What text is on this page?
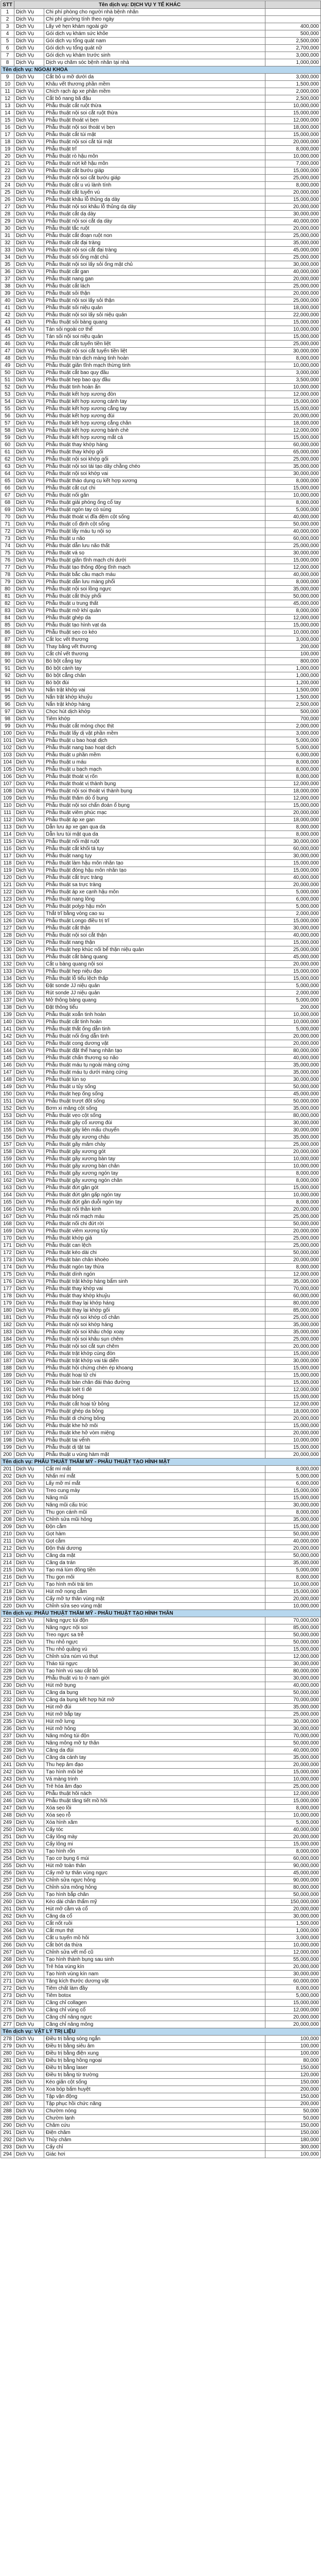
STT	Tên dịch vụ: DỊCH VỤ Y TẾ KHÁC		
1	Dịch Vụ	Chi phí phòng cho người nhà bệnh nhân	
2	Dịch Vụ	Chi phí giường tính theo ngày	
3	Dịch Vụ	Lấy vé hẹn khám ngoài giờ	400,000
4	Dịch Vụ	Gói dịch vụ khám sức khỏe	500,000
5	Dịch Vụ	Gói dịch vụ tổng quát nam	2,500,000
6	Dịch Vụ	Gói dịch vụ tổng quát nữ	2,700,000
7	Dịch Vụ	Gói dịch vụ khám trước sinh	3,000,000
8	Dịch Vụ	Dịch vụ chăm sóc bệnh nhân tại nhà	1,000,000
Tên dịch vụ: NGOẠI KHOA			
9	Dịch Vụ	Cắt bỏ u mỡ dưới da	3,000,000
10	Dịch Vụ	Khâu vết thương phần mềm	1,500,000
11	Dịch Vụ	Chích rạch áp xe phần mềm	2,000,000
12	Dịch Vụ	Cắt bỏ nang bã đậu	2,500,000
13	Dịch Vụ	Phẫu thuật cắt ruột thừa	10,000,000
14	Dịch Vụ	Phẫu thuật nội soi cắt ruột thừa	15,000,000
15	Dịch Vụ	Phẫu thuật thoát vị bẹn	12,000,000
16	Dịch Vụ	Phẫu thuật nội soi thoát vị bẹn	18,000,000
17	Dịch Vụ	Phẫu thuật cắt túi mật	15,000,000
18	Dịch Vụ	Phẫu thuật nội soi cắt túi mật	20,000,000
19	Dịch Vụ	Phẫu thuật trĩ	8,000,000
20	Dịch Vụ	Phẫu thuật rò hậu môn	10,000,000
21	Dịch Vụ	Phẫu thuật nứt kẽ hậu môn	7,000,000
22	Dịch Vụ	Phẫu thuật cắt bướu giáp	15,000,000
23	Dịch Vụ	Phẫu thuật nội soi cắt bướu giáp	25,000,000
24	Dịch Vụ	Phẫu thuật cắt u vú lành tính	8,000,000
25	Dịch Vụ	Phẫu thuật cắt tuyến vú	20,000,000
26	Dịch Vụ	Phẫu thuật khâu lỗ thủng dạ dày	15,000,000
27	Dịch Vụ	Phẫu thuật nội soi khâu lỗ thủng dạ dày	20,000,000
28	Dịch Vụ	Phẫu thuật cắt dạ dày	30,000,000
29	Dịch Vụ	Phẫu thuật nội soi cắt dạ dày	40,000,000
30	Dịch Vụ	Phẫu thuật tắc ruột	20,000,000
31	Dịch Vụ	Phẫu thuật cắt đoạn ruột non	25,000,000
32	Dịch Vụ	Phẫu thuật cắt đại tràng	35,000,000
33	Dịch Vụ	Phẫu thuật nội soi cắt đại tràng	45,000,000
34	Dịch Vụ	Phẫu thuật sỏi ống mật chủ	25,000,000
35	Dịch Vụ	Phẫu thuật nội soi lấy sỏi ống mật chủ	30,000,000
36	Dịch Vụ	Phẫu thuật cắt gan	40,000,000
37	Dịch Vụ	Phẫu thuật nang gan	20,000,000
38	Dịch Vụ	Phẫu thuật cắt lách	25,000,000
39	Dịch Vụ	Phẫu thuật sỏi thận	20,000,000
40	Dịch Vụ	Phẫu thuật nội soi lấy sỏi thận	25,000,000
41	Dịch Vụ	Phẫu thuật sỏi niệu quản	18,000,000
42	Dịch Vụ	Phẫu thuật nội soi lấy sỏi niệu quản	22,000,000
43	Dịch Vụ	Phẫu thuật sỏi bàng quang	15,000,000
44	Dịch Vụ	Tán sỏi ngoài cơ thể	10,000,000
45	Dịch Vụ	Tán sỏi nội soi niệu quản	15,000,000
46	Dịch Vụ	Phẫu thuật cắt tuyến tiền liệt	25,000,000
47	Dịch Vụ	Phẫu thuật nội soi cắt tuyến tiền liệt	30,000,000
48	Dịch Vụ	Phẫu thuật tràn dịch màng tinh hoàn	8,000,000
49	Dịch Vụ	Phẫu thuật giãn tĩnh mạch thừng tinh	10,000,000
50	Dịch Vụ	Phẫu thuật cắt bao quy đầu	3,000,000
51	Dịch Vụ	Phẫu thuật hẹp bao quy đầu	3,500,000
52	Dịch Vụ	Phẫu thuật tinh hoàn ẩn	10,000,000
53	Dịch Vụ	Phẫu thuật kết hợp xương đòn	12,000,000
54	Dịch Vụ	Phẫu thuật kết hợp xương cánh tay	15,000,000
55	Dịch Vụ	Phẫu thuật kết hợp xương cẳng tay	15,000,000
56	Dịch Vụ	Phẫu thuật kết hợp xương đùi	20,000,000
57	Dịch Vụ	Phẫu thuật kết hợp xương cẳng chân	18,000,000
58	Dịch Vụ	Phẫu thuật kết hợp xương bánh chè	12,000,000
59	Dịch Vụ	Phẫu thuật kết hợp xương mắt cá	15,000,000
60	Dịch Vụ	Phẫu thuật thay khớp háng	60,000,000
61	Dịch Vụ	Phẫu thuật thay khớp gối	65,000,000
62	Dịch Vụ	Phẫu thuật nội soi khớp gối	25,000,000
63	Dịch Vụ	Phẫu thuật nội soi tái tạo dây chằng chéo	35,000,000
64	Dịch Vụ	Phẫu thuật nội soi khớp vai	30,000,000
65	Dịch Vụ	Phẫu thuật tháo dụng cụ kết hợp xương	8,000,000
66	Dịch Vụ	Phẫu thuật cắt cụt chi	15,000,000
67	Dịch Vụ	Phẫu thuật nối gân	10,000,000
68	Dịch Vụ	Phẫu thuật giải phóng ống cổ tay	8,000,000
69	Dịch Vụ	Phẫu thuật ngón tay cò súng	5,000,000
70	Dịch Vụ	Phẫu thuật thoát vị đĩa đệm cột sống	40,000,000
71	Dịch Vụ	Phẫu thuật cố định cột sống	50,000,000
72	Dịch Vụ	Phẫu thuật lấy máu tụ nội sọ	40,000,000
73	Dịch Vụ	Phẫu thuật u não	60,000,000
74	Dịch Vụ	Phẫu thuật dẫn lưu não thất	25,000,000
75	Dịch Vụ	Phẫu thuật vá sọ	30,000,000
76	Dịch Vụ	Phẫu thuật giãn tĩnh mạch chi dưới	15,000,000
77	Dịch Vụ	Phẫu thuật tạo thông động tĩnh mạch	12,000,000
78	Dịch Vụ	Phẫu thuật bắc cầu mạch máu	40,000,000
79	Dịch Vụ	Phẫu thuật dẫn lưu màng phổi	8,000,000
80	Dịch Vụ	Phẫu thuật nội soi lồng ngực	35,000,000
81	Dịch Vụ	Phẫu thuật cắt thùy phổi	50,000,000
82	Dịch Vụ	Phẫu thuật u trung thất	45,000,000
83	Dịch Vụ	Phẫu thuật mở khí quản	8,000,000
84	Dịch Vụ	Phẫu thuật ghép da	12,000,000
85	Dịch Vụ	Phẫu thuật tạo hình vạt da	15,000,000
86	Dịch Vụ	Phẫu thuật sẹo co kéo	10,000,000
87	Dịch Vụ	Cắt lọc vết thương	3,000,000
88	Dịch Vụ	Thay băng vết thương	200,000
89	Dịch Vụ	Cắt chỉ vết thương	100,000
90	Dịch Vụ	Bó bột cẳng tay	800,000
91	Dịch Vụ	Bó bột cánh tay	1,000,000
92	Dịch Vụ	Bó bột cẳng chân	1,000,000
93	Dịch Vụ	Bó bột đùi	1,200,000
94	Dịch Vụ	Nắn trật khớp vai	1,500,000
95	Dịch Vụ	Nắn trật khớp khuỷu	1,500,000
96	Dịch Vụ	Nắn trật khớp háng	2,500,000
97	Dịch Vụ	Chọc hút dịch khớp	500,000
98	Dịch Vụ	Tiêm khớp	700,000
99	Dịch Vụ	Phẫu thuật cắt móng chọc thịt	2,000,000
100	Dịch Vụ	Phẫu thuật lấy dị vật phần mềm	3,000,000
101	Dịch Vụ	Phẫu thuật u bao hoạt dịch	5,000,000
102	Dịch Vụ	Phẫu thuật nang bao hoạt dịch	5,000,000
103	Dịch Vụ	Phẫu thuật u phần mềm	6,000,000
104	Dịch Vụ	Phẫu thuật u máu	8,000,000
105	Dịch Vụ	Phẫu thuật u bạch mạch	8,000,000
106	Dịch Vụ	Phẫu thuật thoát vị rốn	8,000,000
107	Dịch Vụ	Phẫu thuật thoát vị thành bụng	12,000,000
108	Dịch Vụ	Phẫu thuật nội soi thoát vị thành bụng	18,000,000
109	Dịch Vụ	Phẫu thuật thăm dò ổ bụng	12,000,000
110	Dịch Vụ	Phẫu thuật nội soi chẩn đoán ổ bụng	15,000,000
111	Dịch Vụ	Phẫu thuật viêm phúc mạc	20,000,000
112	Dịch Vụ	Phẫu thuật áp xe gan	18,000,000
113	Dịch Vụ	Dẫn lưu áp xe gan qua da	8,000,000
114	Dịch Vụ	Dẫn lưu túi mật qua da	8,000,000
115	Dịch Vụ	Phẫu thuật nối mật ruột	30,000,000
116	Dịch Vụ	Phẫu thuật cắt khối tá tụy	60,000,000
117	Dịch Vụ	Phẫu thuật nang tụy	30,000,000
118	Dịch Vụ	Phẫu thuật làm hậu môn nhân tạo	15,000,000
119	Dịch Vụ	Phẫu thuật đóng hậu môn nhân tạo	15,000,000
120	Dịch Vụ	Phẫu thuật cắt trực tràng	40,000,000
121	Dịch Vụ	Phẫu thuật sa trực tràng	20,000,000
122	Dịch Vụ	Phẫu thuật áp xe cạnh hậu môn	5,000,000
123	Dịch Vụ	Phẫu thuật nang lông	6,000,000
124	Dịch Vụ	Phẫu thuật polyp hậu môn	5,000,000
125	Dịch Vụ	Thắt trĩ bằng vòng cao su	2,000,000
126	Dịch Vụ	Phẫu thuật Longo điều trị trĩ	15,000,000
127	Dịch Vụ	Phẫu thuật cắt thận	30,000,000
128	Dịch Vụ	Phẫu thuật nội soi cắt thận	40,000,000
129	Dịch Vụ	Phẫu thuật nang thận	15,000,000
130	Dịch Vụ	Phẫu thuật hẹp khúc nối bể thận niệu quản	25,000,000
131	Dịch Vụ	Phẫu thuật cắt bàng quang	45,000,000
132	Dịch Vụ	Cắt u bàng quang nội soi	20,000,000
133	Dịch Vụ	Phẫu thuật hẹp niệu đạo	15,000,000
134	Dịch Vụ	Phẫu thuật lỗ tiểu lệch thấp	15,000,000
135	Dịch Vụ	Đặt sonde JJ niệu quản	5,000,000
136	Dịch Vụ	Rút sonde JJ niệu quản	2,000,000
137	Dịch Vụ	Mở thông bàng quang	5,000,000
138	Dịch Vụ	Đặt thông tiểu	200,000
139	Dịch Vụ	Phẫu thuật xoắn tinh hoàn	10,000,000
140	Dịch Vụ	Phẫu thuật cắt tinh hoàn	10,000,000
141	Dịch Vụ	Phẫu thuật thắt ống dẫn tinh	5,000,000
142	Dịch Vụ	Phẫu thuật nối ống dẫn tinh	20,000,000
143	Dịch Vụ	Phẫu thuật cong dương vật	20,000,000
144	Dịch Vụ	Phẫu thuật đặt thể hang nhân tạo	80,000,000
145	Dịch Vụ	Phẫu thuật chấn thương sọ não	40,000,000
146	Dịch Vụ	Phẫu thuật máu tụ ngoài màng cứng	35,000,000
147	Dịch Vụ	Phẫu thuật máu tụ dưới màng cứng	35,000,000
148	Dịch Vụ	Phẫu thuật lún sọ	30,000,000
149	Dịch Vụ	Phẫu thuật u tủy sống	50,000,000
150	Dịch Vụ	Phẫu thuật hẹp ống sống	45,000,000
151	Dịch Vụ	Phẫu thuật trượt đốt sống	50,000,000
152	Dịch Vụ	Bơm xi măng cột sống	35,000,000
153	Dịch Vụ	Phẫu thuật vẹo cột sống	80,000,000
154	Dịch Vụ	Phẫu thuật gãy cổ xương đùi	30,000,000
155	Dịch Vụ	Phẫu thuật gãy liên mấu chuyển	30,000,000
156	Dịch Vụ	Phẫu thuật gãy xương chậu	35,000,000
157	Dịch Vụ	Phẫu thuật gãy mâm chày	25,000,000
158	Dịch Vụ	Phẫu thuật gãy xương gót	20,000,000
159	Dịch Vụ	Phẫu thuật gãy xương bàn tay	10,000,000
160	Dịch Vụ	Phẫu thuật gãy xương bàn chân	10,000,000
161	Dịch Vụ	Phẫu thuật gãy xương ngón tay	8,000,000
162	Dịch Vụ	Phẫu thuật gãy xương ngón chân	8,000,000
163	Dịch Vụ	Phẫu thuật đứt gân gót	15,000,000
164	Dịch Vụ	Phẫu thuật đứt gân gấp ngón tay	10,000,000
165	Dịch Vụ	Phẫu thuật đứt gân duỗi ngón tay	8,000,000
166	Dịch Vụ	Phẫu thuật nối thần kinh	20,000,000
167	Dịch Vụ	Phẫu thuật nối mạch máu	25,000,000
168	Dịch Vụ	Phẫu thuật nối chi đứt rời	50,000,000
169	Dịch Vụ	Phẫu thuật viêm xương tủy	20,000,000
170	Dịch Vụ	Phẫu thuật khớp giả	25,000,000
171	Dịch Vụ	Phẫu thuật can lệch	25,000,000
172	Dịch Vụ	Phẫu thuật kéo dài chi	50,000,000
173	Dịch Vụ	Phẫu thuật bàn chân khoèo	20,000,000
174	Dịch Vụ	Phẫu thuật ngón tay thừa	8,000,000
175	Dịch Vụ	Phẫu thuật dính ngón	12,000,000
176	Dịch Vụ	Phẫu thuật trật khớp háng bẩm sinh	35,000,000
177	Dịch Vụ	Phẫu thuật thay khớp vai	70,000,000
178	Dịch Vụ	Phẫu thuật thay khớp khuỷu	60,000,000
179	Dịch Vụ	Phẫu thuật thay lại khớp háng	80,000,000
180	Dịch Vụ	Phẫu thuật thay lại khớp gối	85,000,000
181	Dịch Vụ	Phẫu thuật nội soi khớp cổ chân	25,000,000
182	Dịch Vụ	Phẫu thuật nội soi khớp háng	35,000,000
183	Dịch Vụ	Phẫu thuật nội soi khâu chóp xoay	35,000,000
184	Dịch Vụ	Phẫu thuật nội soi khâu sụn chêm	25,000,000
185	Dịch Vụ	Phẫu thuật nội soi cắt sụn chêm	20,000,000
186	Dịch Vụ	Phẫu thuật trật khớp cùng đòn	15,000,000
187	Dịch Vụ	Phẫu thuật trật khớp vai tái diễn	30,000,000
188	Dịch Vụ	Phẫu thuật hội chứng chèn ép khoang	15,000,000
189	Dịch Vụ	Phẫu thuật hoại tử chi	15,000,000
190	Dịch Vụ	Phẫu thuật bàn chân đái tháo đường	15,000,000
191	Dịch Vụ	Phẫu thuật loét tì đè	12,000,000
192	Dịch Vụ	Phẫu thuật bỏng	15,000,000
193	Dịch Vụ	Phẫu thuật cắt hoại tử bỏng	12,000,000
194	Dịch Vụ	Phẫu thuật ghép da bỏng	18,000,000
195	Dịch Vụ	Phẫu thuật di chứng bỏng	20,000,000
196	Dịch Vụ	Phẫu thuật khe hở môi	15,000,000
197	Dịch Vụ	Phẫu thuật khe hở vòm miệng	20,000,000
198	Dịch Vụ	Phẫu thuật tai vểnh	10,000,000
199	Dịch Vụ	Phẫu thuật dị tật tai	15,000,000
200	Dịch Vụ	Phẫu thuật u vùng hàm mặt	20,000,000
Tên dịch vụ: PHẪU THUẬT THẨM MỸ - PHẪU THUẬT TẠO HÌNH MẶT			
201	Dịch Vụ	Cắt mí mắt	8,000,000
202	Dịch Vụ	Nhấn mí mắt	5,000,000
203	Dịch Vụ	Lấy mỡ mí mắt	6,000,000
204	Dịch Vụ	Treo cung mày	15,000,000
205	Dịch Vụ	Nâng mũi	15,000,000
206	Dịch Vụ	Nâng mũi cấu trúc	30,000,000
207	Dịch Vụ	Thu gọn cánh mũi	8,000,000
208	Dịch Vụ	Chỉnh sửa mũi hỏng	35,000,000
209	Dịch Vụ	Độn cằm	15,000,000
210	Dịch Vụ	Gọt hàm	50,000,000
211	Dịch Vụ	Gọt cằm	40,000,000
212	Dịch Vụ	Độn thái dương	20,000,000
213	Dịch Vụ	Căng da mặt	50,000,000
214	Dịch Vụ	Căng da trán	35,000,000
215	Dịch Vụ	Tạo má lúm đồng tiền	5,000,000
216	Dịch Vụ	Thu gọn môi	8,000,000
217	Dịch Vụ	Tạo hình môi trái tim	10,000,000
218	Dịch Vụ	Hút mỡ nọng cằm	15,000,000
219	Dịch Vụ	Cấy mỡ tự thân vùng mặt	20,000,000
220	Dịch Vụ	Chỉnh sửa sẹo vùng mặt	10,000,000
Tên dịch vụ: PHẪU THUẬT THẨM MỸ - PHẪU THUẬT TẠO HÌNH THÂN			
221	Dịch Vụ	Nâng ngực túi độn	70,000,000
222	Dịch Vụ	Nâng ngực nội soi	85,000,000
223	Dịch Vụ	Treo ngực sa trễ	50,000,000
224	Dịch Vụ	Thu nhỏ ngực	50,000,000
225	Dịch Vụ	Thu nhỏ quầng vú	15,000,000
226	Dịch Vụ	Chỉnh sửa núm vú thụt	12,000,000
227	Dịch Vụ	Tháo túi ngực	30,000,000
228	Dịch Vụ	Tạo hình vú sau cắt bỏ	80,000,000
229	Dịch Vụ	Phẫu thuật vú to ở nam giới	30,000,000
230	Dịch Vụ	Hút mỡ bụng	40,000,000
231	Dịch Vụ	Căng da bụng	50,000,000
232	Dịch Vụ	Căng da bụng kết hợp hút mỡ	70,000,000
233	Dịch Vụ	Hút mỡ đùi	35,000,000
234	Dịch Vụ	Hút mỡ bắp tay	25,000,000
235	Dịch Vụ	Hút mỡ lưng	30,000,000
236	Dịch Vụ	Hút mỡ hông	30,000,000
237	Dịch Vụ	Nâng mông túi độn	70,000,000
238	Dịch Vụ	Nâng mông mỡ tự thân	50,000,000
239	Dịch Vụ	Căng da đùi	40,000,000
240	Dịch Vụ	Căng da cánh tay	35,000,000
241	Dịch Vụ	Thu hẹp âm đạo	20,000,000
242	Dịch Vụ	Tạo hình môi bé	15,000,000
243	Dịch Vụ	Vá màng trinh	10,000,000
244	Dịch Vụ	Trẻ hóa âm đạo	25,000,000
245	Dịch Vụ	Phẫu thuật hôi nách	12,000,000
246	Dịch Vụ	Phẫu thuật tăng tiết mồ hôi	15,000,000
247	Dịch Vụ	Xóa sẹo lồi	8,000,000
248	Dịch Vụ	Xóa sẹo rỗ	10,000,000
249	Dịch Vụ	Xóa hình xăm	5,000,000
250	Dịch Vụ	Cấy tóc	40,000,000
251	Dịch Vụ	Cấy lông mày	20,000,000
252	Dịch Vụ	Cấy lông mi	15,000,000
253	Dịch Vụ	Tạo hình rốn	8,000,000
254	Dịch Vụ	Tạo cơ bụng 6 múi	60,000,000
255	Dịch Vụ	Hút mỡ toàn thân	90,000,000
256	Dịch Vụ	Cấy mỡ tự thân vùng ngực	45,000,000
257	Dịch Vụ	Chỉnh sửa ngực hỏng	90,000,000
258	Dịch Vụ	Chỉnh sửa mông hỏng	80,000,000
259	Dịch Vụ	Tạo hình bắp chân	50,000,000
260	Dịch Vụ	Kéo dài chân thẩm mỹ	150,000,000
261	Dịch Vụ	Hút mỡ cằm và cổ	20,000,000
262	Dịch Vụ	Căng da cổ	30,000,000
263	Dịch Vụ	Cắt nốt ruồi	1,500,000
264	Dịch Vụ	Cắt mụn thịt	1,000,000
265	Dịch Vụ	Cắt u tuyến mồ hôi	3,000,000
266	Dịch Vụ	Cắt bớt da thừa	10,000,000
267	Dịch Vụ	Chỉnh sửa vết mổ cũ	12,000,000
268	Dịch Vụ	Tạo hình thành bụng sau sinh	55,000,000
269	Dịch Vụ	Trẻ hóa vùng kín	20,000,000
270	Dịch Vụ	Tạo hình vùng kín nam	30,000,000
271	Dịch Vụ	Tăng kích thước dương vật	60,000,000
272	Dịch Vụ	Tiêm chất làm đầy	8,000,000
273	Dịch Vụ	Tiêm botox	5,000,000
274	Dịch Vụ	Căng chỉ collagen	15,000,000
275	Dịch Vụ	Căng chỉ vùng cổ	12,000,000
276	Dịch Vụ	Căng chỉ nâng ngực	20,000,000
277	Dịch Vụ	Căng chỉ nâng mông	20,000,000
Tên dịch vụ: VẬT LÝ TRỊ LIỆU			
278	Dịch Vụ	Điều trị bằng sóng ngắn	100,000
279	Dịch Vụ	Điều trị bằng siêu âm	100,000
280	Dịch Vụ	Điều trị bằng điện xung	100,000
281	Dịch Vụ	Điều trị bằng hồng ngoại	80,000
282	Dịch Vụ	Điều trị bằng laser	150,000
283	Dịch Vụ	Điều trị bằng từ trường	120,000
284	Dịch Vụ	Kéo giãn cột sống	150,000
285	Dịch Vụ	Xoa bóp bấm huyệt	200,000
286	Dịch Vụ	Tập vận động	150,000
287	Dịch Vụ	Tập phục hồi chức năng	200,000
288	Dịch Vụ	Chườm nóng	50,000
289	Dịch Vụ	Chườm lạnh	50,000
290	Dịch Vụ	Châm cứu	150,000
291	Dịch Vụ	Điện châm	150,000
292	Dịch Vụ	Thủy châm	180,000
293	Dịch Vụ	Cấy chỉ	300,000
294	Dịch Vụ	Giác hơi	100,000
